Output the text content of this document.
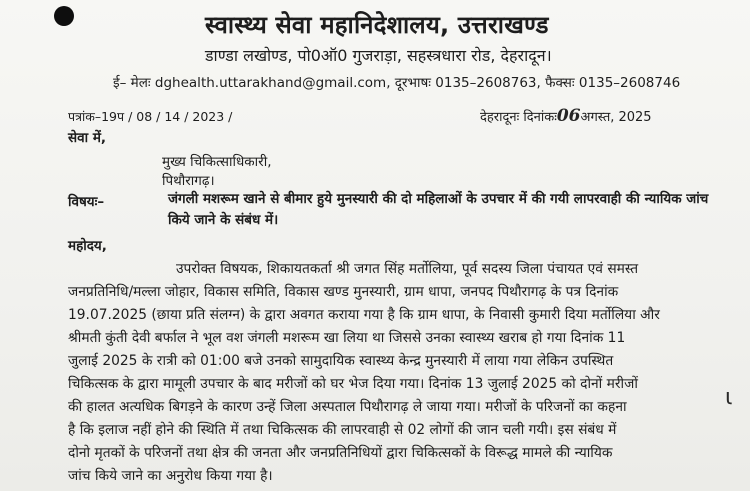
स्वास्थ्य सेवा महानिदेशालय, उत्तराखण्ड
डाण्डा लखोण्ड, पो0ऑ0 गुजराड़ा, सहस्त्रधारा रोड, देहरादून।
ई– मेलः dghealth.uttarakhand@gmail.com, दूरभाषः 0135–2608763, फैक्सः 0135–2608746
पत्रांक–19प / 08 / 14 / 2023 /	देहरादूनः दिनांकः06अगस्त, 2025
सेवा में,
मुख्य चिकित्साधिकारी,
पिथौरागढ़।
विषयः–	जंगली मशरूम खाने से बीमार हुये मुनस्यारी की दो महिलाओं के उपचार में की गयी लापरवाही की न्यायिक जांच किये जाने के संबंध में।
महोदय,
उपरोक्त विषयक, शिकायतकर्ता श्री जगत सिंह मर्तोलिया, पूर्व सदस्य जिला पंचायत एवं समस्त
जनप्रतिनिधि/मल्ला जोहार, विकास समिति, विकास खण्ड मुनस्यारी, ग्राम धापा, जनपद पिथौरागढ़ के पत्र दिनांक
19.07.2025 (छाया प्रति संलग्न) के द्वारा अवगत कराया गया है कि ग्राम धापा, के निवासी कुमारी दिया मर्तोलिया और
श्रीमती कुंती देवी बर्फाल ने भूल वश जंगली मशरूम खा लिया था जिससे उनका स्वास्थ्य खराब हो गया दिनांक 11
जुलाई 2025 के रात्री को 01:00 बजे उनको सामुदायिक स्वास्थ्य केन्द्र मुनस्यारी में लाया गया लेकिन उपस्थित
चिकित्सक के द्वारा मामूली उपचार के बाद मरीजों को घर भेज दिया गया। दिनांक 13 जुलाई 2025 को दोनों मरीजों
की हालत अत्यधिक बिगड़ने के कारण उन्हें जिला अस्पताल पिथौरागढ़ ले जाया गया। मरीजों के परिजनों का कहना
है कि इलाज नहीं होने की स्थिति में तथा चिकित्सक की लापरवाही से 02 लोगों की जान चली गयी। इस संबंध में
दोनो मृतकों के परिजनों तथा क्षेत्र की जनता और जनप्रतिनिधियों द्वारा चिकित्सकों के विरूद्ध मामले की न्यायिक
जांच किये जाने का अनुरोध किया गया है।
ι
